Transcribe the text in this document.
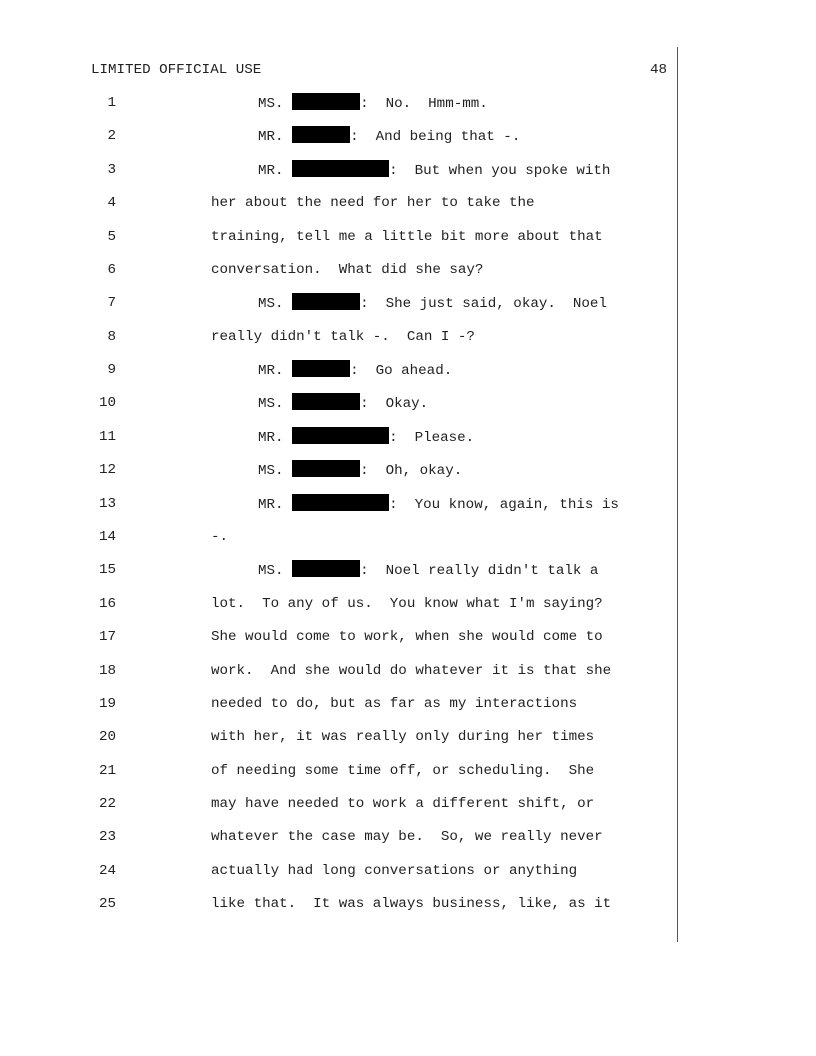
LIMITED OFFICIAL USE

	48

1	MS.	:  No.  Hmm-mm.
2	MR.	:  And being that -.
3	MR.	:  But when you spoke with
4	her about the need for her to take the
5	training, tell me a little bit more about that
6	conversation.  What did she say?
7	MS.	:  She just said, okay.  Noel
8	really didn't talk -.  Can I -?
9	MR.	:  Go ahead.
10	MS.	:  Okay.
11	MR.	:  Please.
12	MS.	:  Oh, okay.
13	MR.	:  You know, again, this is
14	-.
15	MS.	:  Noel really didn't talk a
16	lot.  To any of us.  You know what I'm saying?
17	She would come to work, when she would come to
18	work.  And she would do whatever it is that she
19	needed to do, but as far as my interactions
20	with her, it was really only during her times
21	of needing some time off, or scheduling.  She
22	may have needed to work a different shift, or
23	whatever the case may be.  So, we really never
24	actually had long conversations or anything
25	like that.  It was always business, like, as it
